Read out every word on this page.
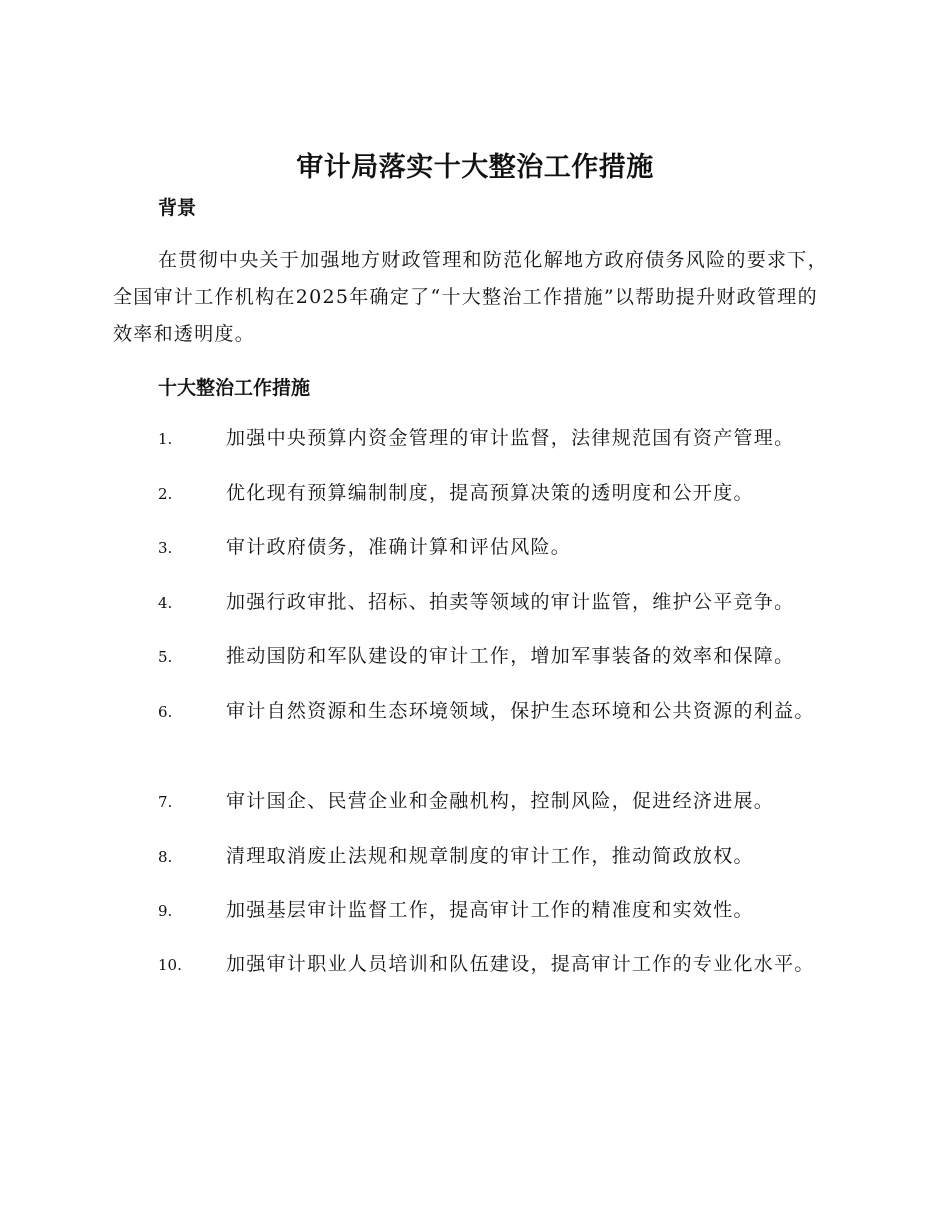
审计局落实十大整治工作措施
背景

在贯彻中央关于加强地方财政管理和防范化解地方政府债务风险的要求下，全国审计工作机构在2025年确定了“十大整治工作措施”以帮助提升财政管理的效率和透明度。

十大整治工作措施
1.	加强中央预算内资金管理的审计监督，法律规范国有资产管理。
2.	优化现有预算编制制度，提高预算决策的透明度和公开度。
3.	审计政府债务，准确计算和评估风险。
4.	加强行政审批、招标、拍卖等领域的审计监管，维护公平竞争。
5.	推动国防和军队建设的审计工作，增加军事装备的效率和保障。
6.	审计自然资源和生态环境领域，保护生态环境和公共资源的利益。
7.	审计国企、民营企业和金融机构，控制风险，促进经济进展。
8.	清理取消废止法规和规章制度的审计工作，推动简政放权。
9.	加强基层审计监督工作，提高审计工作的精准度和实效性。
10. 加强审计职业人员培训和队伍建设，提高审计工作的专业化水平。
